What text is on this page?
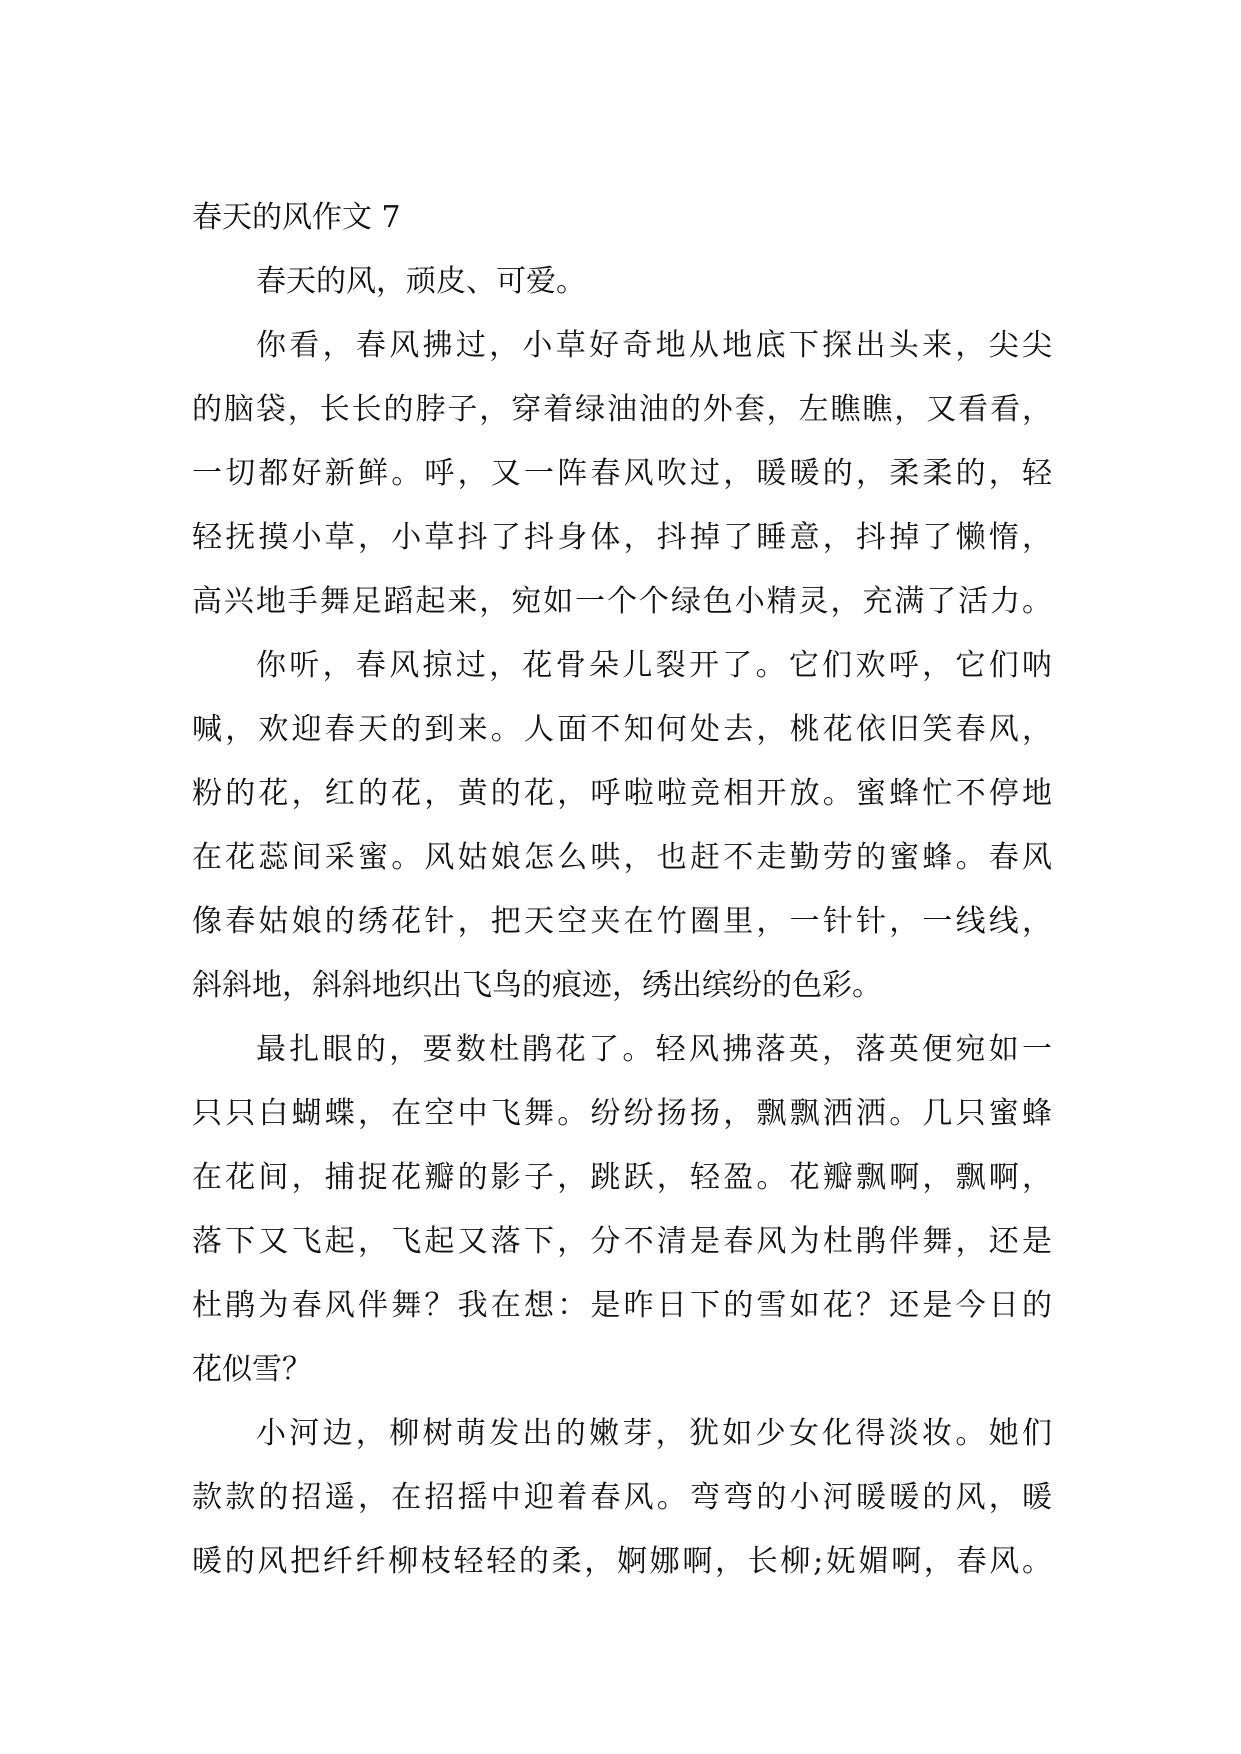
春天的风作文 7

春天的风，顽皮、可爱。

你看，春风拂过，小草好奇地从地底下探出头来，尖尖
的脑袋，长长的脖子，穿着绿油油的外套，左瞧瞧，又看看，
一切都好新鲜。呼，又一阵春风吹过，暖暖的，柔柔的，轻
轻抚摸小草，小草抖了抖身体，抖掉了睡意，抖掉了懒惰，
高兴地手舞足蹈起来，宛如一个个绿色小精灵，充满了活力。

你听，春风掠过，花骨朵儿裂开了。它们欢呼，它们呐
喊，欢迎春天的到来。人面不知何处去，桃花依旧笑春风，
粉的花，红的花，黄的花，呼啦啦竞相开放。蜜蜂忙不停地
在花蕊间采蜜。风姑娘怎么哄，也赶不走勤劳的蜜蜂。春风
像春姑娘的绣花针，把天空夹在竹圈里，一针针，一线线，
斜斜地，斜斜地织出飞鸟的痕迹，绣出缤纷的色彩。

最扎眼的，要数杜鹃花了。轻风拂落英，落英便宛如一
只只白蝴蝶，在空中飞舞。纷纷扬扬，飘飘洒洒。几只蜜蜂
在花间，捕捉花瓣的影子，跳跃，轻盈。花瓣飘啊，飘啊，
落下又飞起，飞起又落下，分不清是春风为杜鹃伴舞，还是
杜鹃为春风伴舞？我在想：是昨日下的雪如花？还是今日的
花似雪？

小河边，柳树萌发出的嫩芽，犹如少女化得淡妆。她们
款款的招遥，在招摇中迎着春风。弯弯的小河暖暖的风，暖
暖的风把纤纤柳枝轻轻的柔，婀娜啊，长柳;妩媚啊，春风。
